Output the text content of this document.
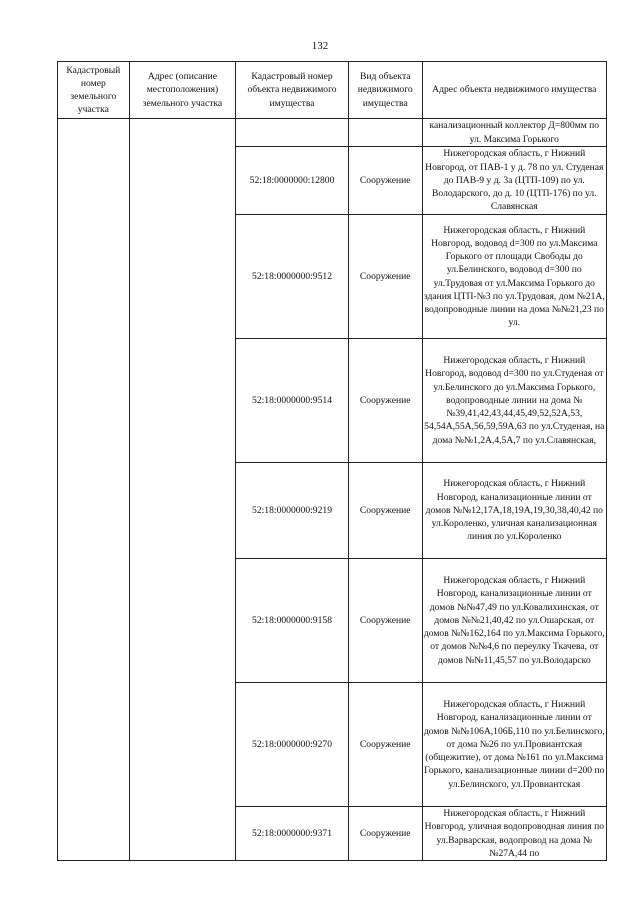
132
Кадастровый номер земельного участка	Адрес (описание местоположения) земельного участка	Кадастровый номер объекта недвижимого имущества	Вид объекта недвижимого имущества	Адрес объекта недвижимого имущества
				канализационный коллектор Д=800мм по ул. Максима Горького
		52:18:0000000:12800	Сооружение	Нижегородская область, г Нижний Новгород, от ПАВ-1 у д. 78 по ул. Студеная до ПАВ-9 у д. 3а (ЦТП-109) по ул. Володарского, до д. 10 (ЦТП-176) по ул. Славянская
		52:18:0000000:9512	Сооружение	Нижегородская область, г Нижний Новгород, водовод d=300 по ул.Максима Горького от площади Свободы до ул.Белинского, водовод d=300 по ул.Трудовая от ул.Максима Горького до здания ЦТП-№3 по ул.Трудовая, дом №21А, водопроводные линии на дома №№21,23 по ул.
		52:18:0000000:9514	Сооружение	Нижегородская область, г Нижний Новгород, водовод d=300 по ул.Студеная от ул.Белинского до ул.Максима Горького, водопроводные линии на дома №№39,41,42,43,44,45,49,52,52А,53, 54,54А,55А,56,59,59А,63 по ул.Студеная, на дома №№1,2А,4,5А,7 по ул.Славянская,
		52:18:0000000:9219	Сооружение	Нижегородская область, г Нижний Новгород, канализационные линии от домов №№12,17А,18,19А,19,30,38,40,42 по ул.Короленко, уличная канализационная линия по ул.Короленко
		52:18:0000000:9158	Сооружение	Нижегородская область, г Нижний Новгород, канализационные линии от домов №№47,49 по ул.Ковалихинская, от домов №№21,40,42 по ул.Ошарская, от домов №№162,164 по ул.Максима Горького, от домов №№4,6 по переулку Ткачева, от домов №№11,45,57 по ул.Володарско
		52:18:0000000:9270	Сооружение	Нижегородская область, г Нижний Новгород, канализационные линии от домов №№106А,106Б,110 по ул.Белинского, от дома №26 по ул.Провиантская (общежитие), от дома №161 по ул.Максима Горького, канализационные линии d=200 по ул.Белинского, ул.Провиантская
		52:18:0000000:9371	Сооружение	Нижегородская область, г Нижний Новгород, уличная водопроводная линия по ул.Варварская, водопровод на дома №№27А,44 по
